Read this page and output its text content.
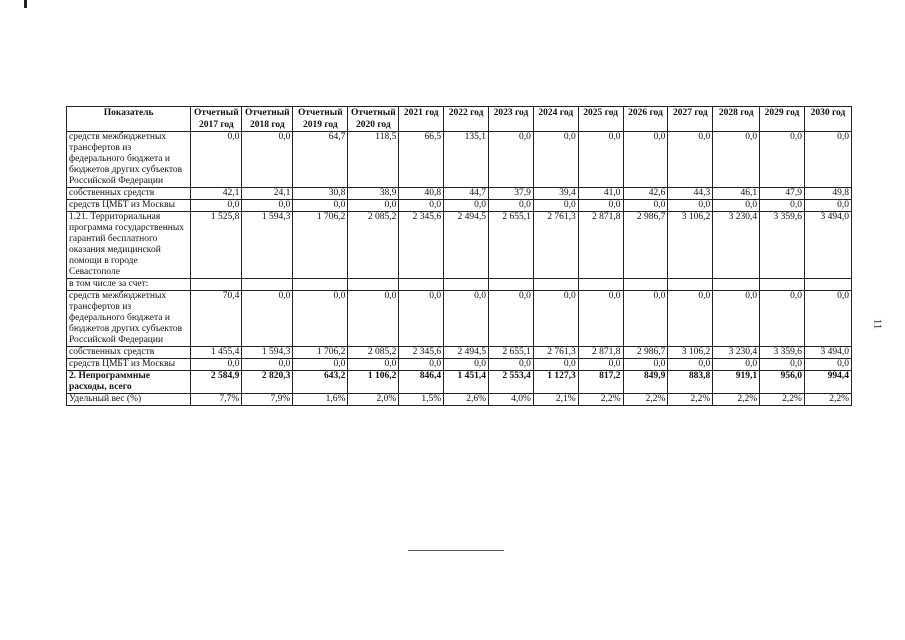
Показатель	Отчетный 2017 год	Отчетный 2018 год	Отчетный 2019 год	Отчетный 2020 год	2021 год	2022 год	2023 год	2024 год	2025 год	2026 год	2027 год	2028 год	2029 год	2030 год
средств межбюджетных трансфертов из федерального бюджета и бюджетов других субъектов Российской Федерации	0,0	0,0	64,7	118,5	66,5	135,1	0,0	0,0	0,0	0,0	0,0	0,0	0,0	0,0
собственных средств	42,1	24,1	30,8	38,9	40,8	44,7	37,9	39,4	41,0	42,6	44,3	46,1	47,9	49,8
средств ЦМБТ из Москвы	0,0	0,0	0,0	0,0	0,0	0,0	0,0	0,0	0,0	0,0	0,0	0,0	0,0	0,0
1.21. Территориальная программа государственных гарантий бесплатного оказания медицинской помощи в городе Севастополе	1 525,8	1 594,3	1 706,2	2 085,2	2 345,6	2 494,5	2 655,1	2 761,3	2 871,8	2 986,7	3 106,2	3 230,4	3 359,6	3 494,0
в том числе за счет:														
средств межбюджетных трансфертов из федерального бюджета и бюджетов других субъектов Российской Федерации	70,4	0,0	0,0	0,0	0,0	0,0	0,0	0,0	0,0	0,0	0,0	0,0	0,0	0,0
собственных средств	1 455,4	1 594,3	1 706,2	2 085,2	2 345,6	2 494,5	2 655,1	2 761,3	2 871,8	2 986,7	3 106,2	3 230,4	3 359,6	3 494,0
средств ЦМБТ из Москвы	0,0	0,0	0,0	0,0	0,0	0,0	0,0	0,0	0,0	0,0	0,0	0,0	0,0	0,0
2. Непрограммные расходы, всего	2 584,9	2 820,3	643,2	1 106,2	846,4	1 451,4	2 553,4	1 127,3	817,2	849,9	883,8	919,1	956,0	994,4
Удельный вес (%)	7,7%	7,9%	1,6%	2,0%	1,5%	2,6%	4,0%	2,1%	2,2%	2,2%	2,2%	2,2%	2,2%	2,2%
11
